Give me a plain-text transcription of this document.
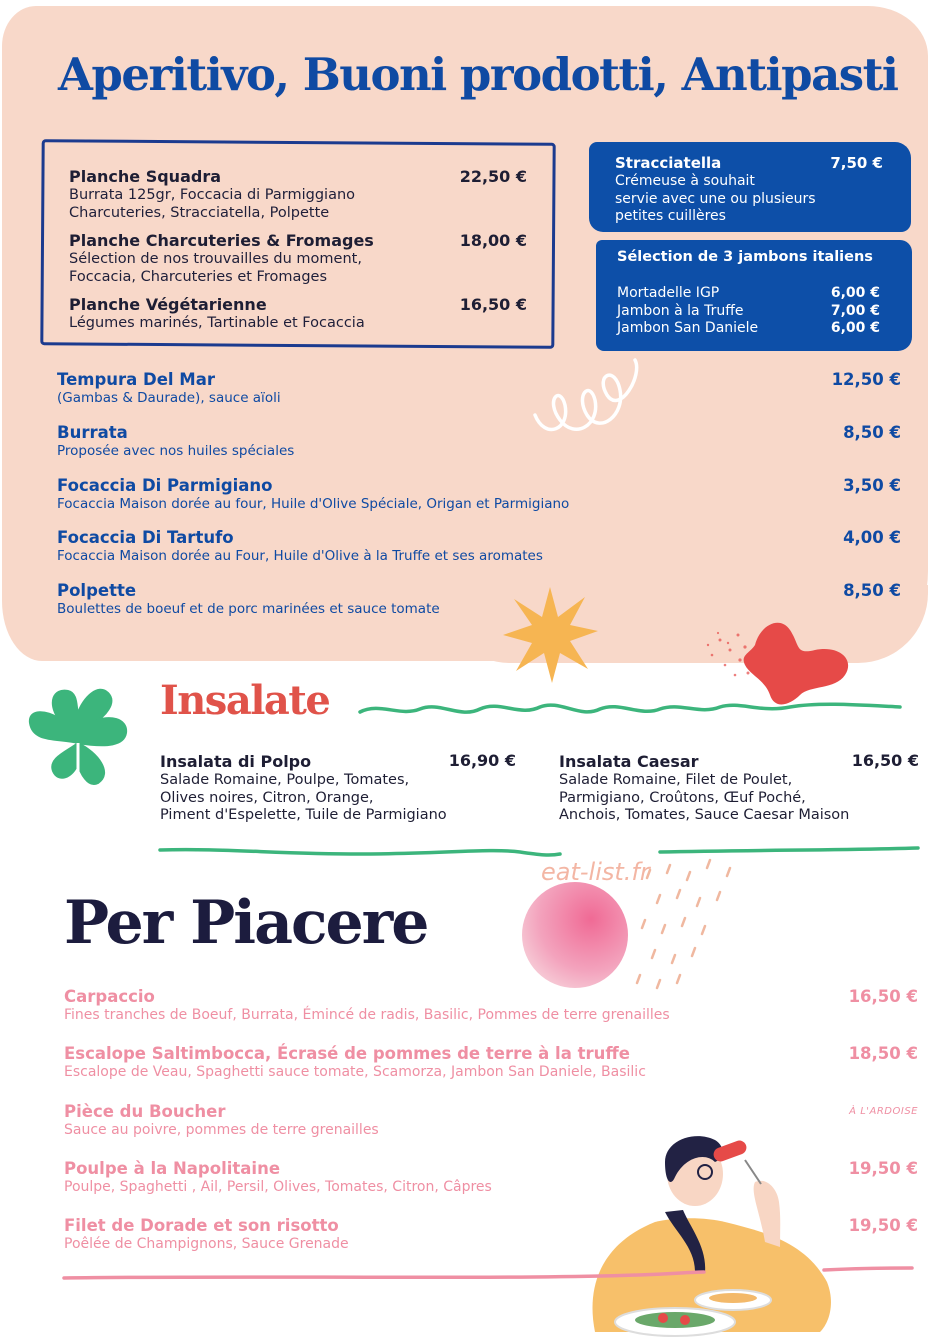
Aperitivo, Buoni prodotti, Antipasti
Planche Squadra	22,50 €
Burrata 125gr, Foccacia di Parmiggiano
Charcuteries, Stracciatella, Polpette
Planche Charcuteries & Fromages	18,00 €
Sélection de nos trouvailles du moment,
Foccacia, Charcuteries et Fromages
Planche Végétarienne	16,50 €
Légumes marinés, Tartinable et Focaccia
Stracciatella	7,50 €
Crémeuse à souhait
servie avec une ou plusieurs
petites cuillères
Sélection de 3 jambons italiens
Mortadelle IGP	6,00 €
Jambon à la Truffe	7,00 €
Jambon San Daniele	6,00 €
Tempura Del Mar
(Gambas & Daurade), sauce aïoli
12,50 €
Burrata
Proposée avec nos huiles spéciales
8,50 €
Focaccia Di Parmigiano
Focaccia Maison dorée au four, Huile d'Olive Spéciale, Origan et Parmigiano
3,50 €
Focaccia Di Tartufo
Focaccia Maison dorée au Four, Huile d'Olive à la Truffe et ses aromates
4,00 €
Polpette
Boulettes de boeuf et de porc marinées et sauce tomate
8,50 €
Insalate
Insalata di Polpo	16,90 €
Salade Romaine, Poulpe, Tomates,
Olives noires, Citron, Orange,
Piment d'Espelette, Tuile de Parmigiano
Insalata Caesar	16,50 €
Salade Romaine, Filet de Poulet,
Parmigiano, Croûtons, Œuf Poché,
Anchois, Tomates, Sauce Caesar Maison
eat-list.fr
Per Piacere
Carpaccio
Fines tranches de Boeuf, Burrata, Émincé de radis, Basilic, Pommes de terre grenailles
16,50 €
Escalope Saltimbocca, Écrasé de pommes de terre à la truffe
Escalope de Veau, Spaghetti sauce tomate, Scamorza, Jambon San Daniele, Basilic
18,50 €
Pièce du Boucher
Sauce au poivre, pommes de terre grenailles
À L'ARDOISE
Poulpe à la Napolitaine
Poulpe, Spaghetti , Ail, Persil, Olives, Tomates, Citron, Câpres
19,50 €
Filet de Dorade et son risotto
Poêlée de Champignons, Sauce Grenade
19,50 €
